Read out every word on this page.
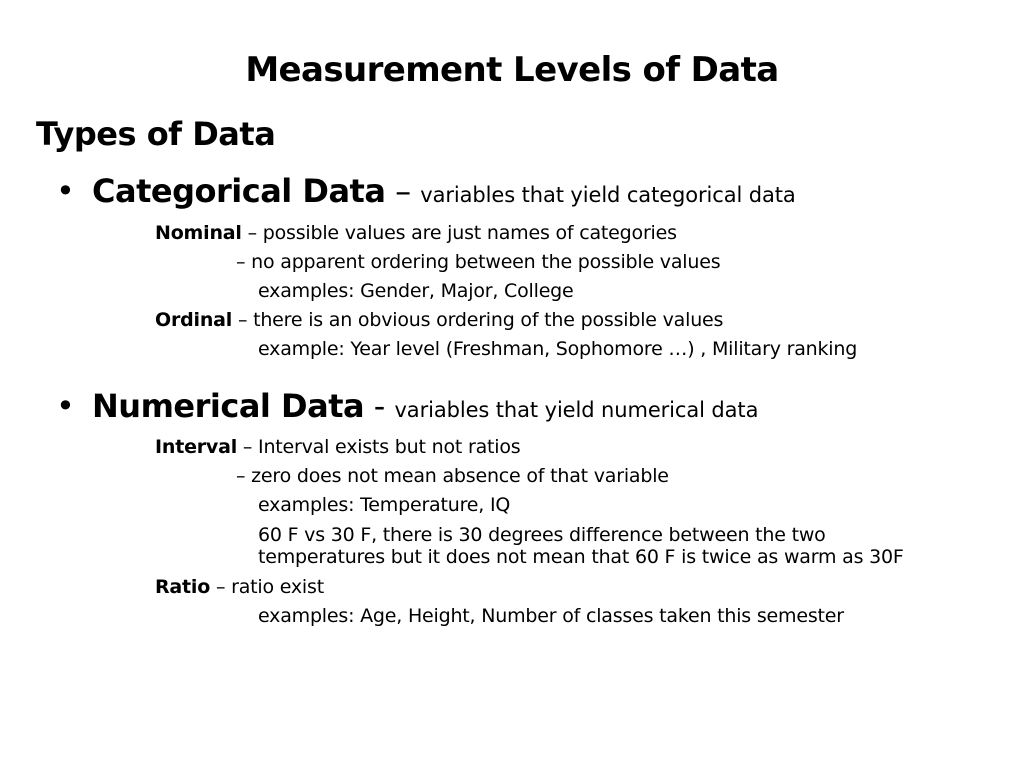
Measurement Levels of Data
Types of Data
• Categorical Data – variables that yield categorical data
Nominal – possible values are just names of categories
– no apparent ordering between the possible values
examples: Gender, Major, College
Ordinal – there is an obvious ordering of the possible values
example: Year level (Freshman, Sophomore …) , Military ranking
• Numerical Data - variables that yield numerical data
Interval – Interval exists but not ratios
– zero does not mean absence of that variable
examples: Temperature, IQ
60 F vs 30 F, there is 30 degrees difference between the two temperatures but it does not mean that 60 F is twice as warm as 30F
Ratio – ratio exist
examples: Age, Height, Number of classes taken this semester
